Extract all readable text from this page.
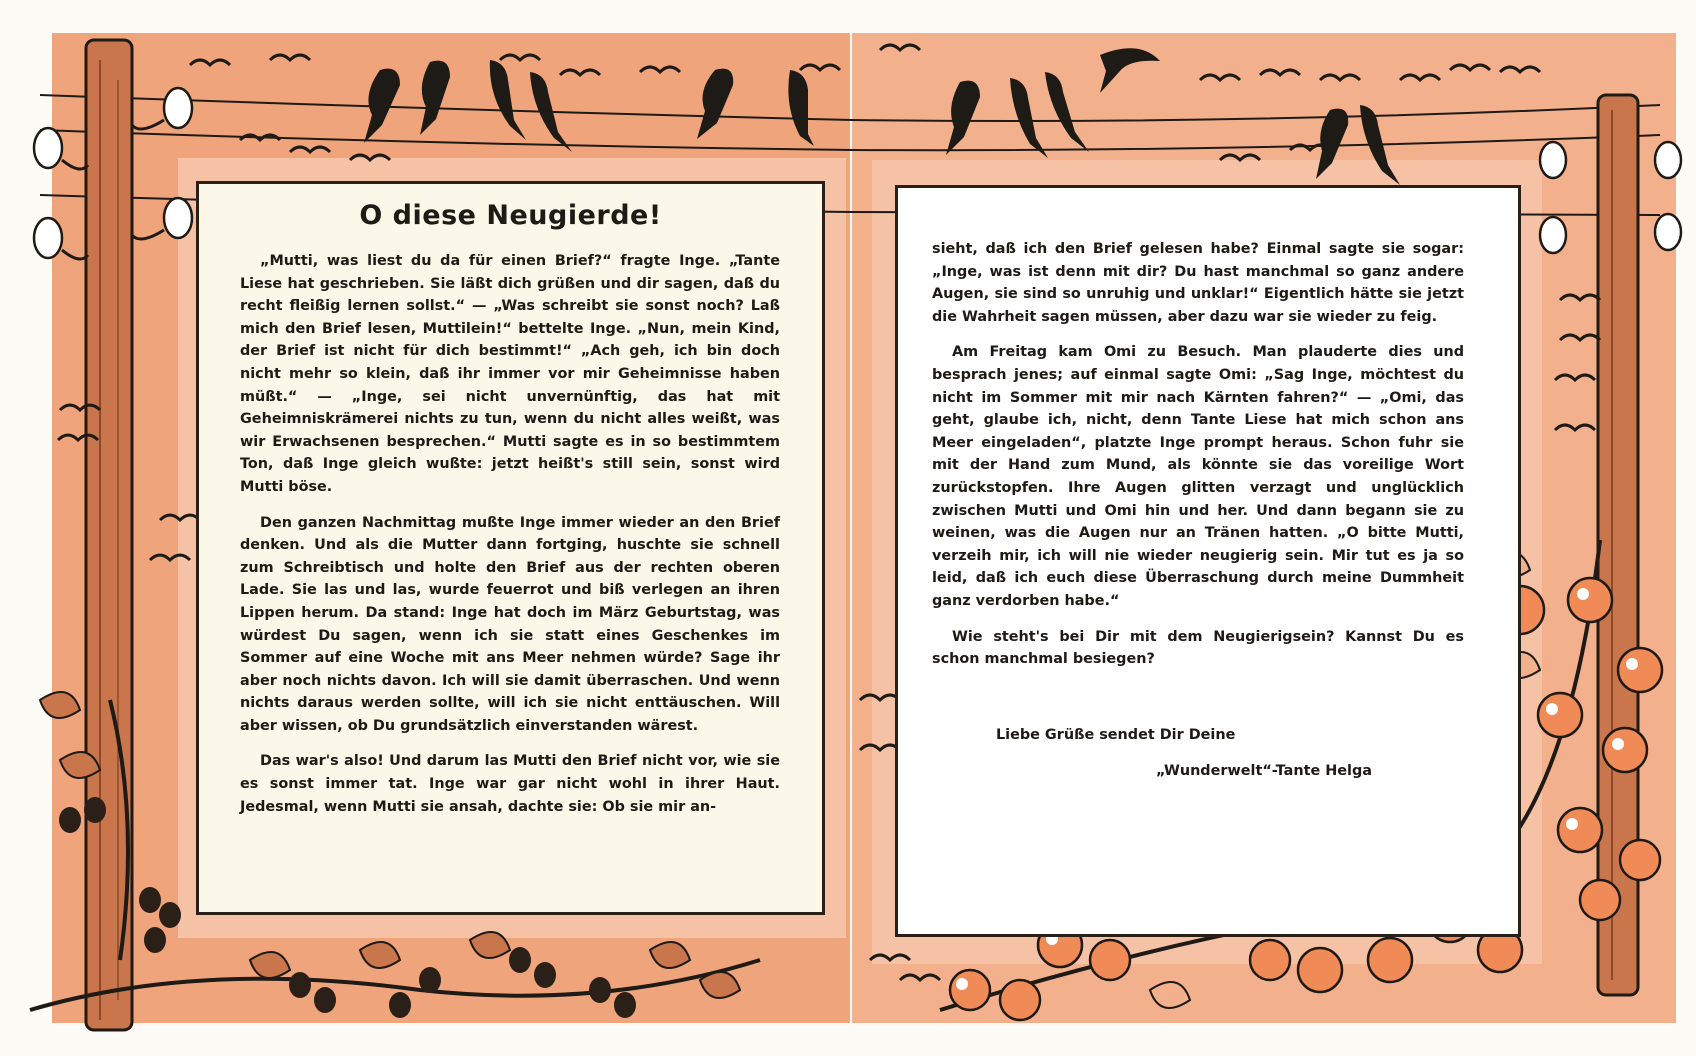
O diese Neugierde!

„Mutti, was liest du da für einen Brief?“ fragte Inge. „Tante Liese hat geschrieben. Sie läßt dich grüßen und dir sagen, daß du recht fleißig lernen sollst.“ — „Was schreibt sie sonst noch? Laß mich den Brief lesen, Muttilein!“ bettelte Inge. „Nun, mein Kind, der Brief ist nicht für dich bestimmt!“ „Ach geh, ich bin doch nicht mehr so klein, daß ihr immer vor mir Geheimnisse haben müßt.“ — „Inge, sei nicht unvernünftig, das hat mit Geheimniskrämerei nichts zu tun, wenn du nicht alles weißt, was wir Erwachsenen besprechen.“ Mutti sagte es in so bestimmtem Ton, daß Inge gleich wußte: jetzt heißt's still sein, sonst wird Mutti böse.

Den ganzen Nachmittag mußte Inge immer wieder an den Brief denken. Und als die Mutter dann fortging, huschte sie schnell zum Schreibtisch und holte den Brief aus der rechten oberen Lade. Sie las und las, wurde feuerrot und biß verlegen an ihren Lippen herum. Da stand: Inge hat doch im März Geburtstag, was würdest Du sagen, wenn ich sie statt eines Geschenkes im Sommer auf eine Woche mit ans Meer nehmen würde? Sage ihr aber noch nichts davon. Ich will sie damit überraschen. Und wenn nichts daraus werden sollte, will ich sie nicht enttäuschen. Will aber wissen, ob Du grundsätzlich einverstanden wärest.

Das war's also! Und darum las Mutti den Brief nicht vor, wie sie es sonst immer tat. Inge war gar nicht wohl in ihrer Haut. Jedesmal, wenn Mutti sie ansah, dachte sie: Ob sie mir an-

sieht, daß ich den Brief gelesen habe? Einmal sagte sie sogar: „Inge, was ist denn mit dir? Du hast manchmal so ganz andere Augen, sie sind so unruhig und unklar!“ Eigentlich hätte sie jetzt die Wahrheit sagen müssen, aber dazu war sie wieder zu feig.

Am Freitag kam Omi zu Besuch. Man plauderte dies und besprach jenes; auf einmal sagte Omi: „Sag Inge, möchtest du nicht im Sommer mit mir nach Kärnten fahren?“ — „Omi, das geht, glaube ich, nicht, denn Tante Liese hat mich schon ans Meer eingeladen“, platzte Inge prompt heraus. Schon fuhr sie mit der Hand zum Mund, als könnte sie das voreilige Wort zurückstopfen. Ihre Augen glitten verzagt und unglücklich zwischen Mutti und Omi hin und her. Und dann begann sie zu weinen, was die Augen nur an Tränen hatten. „O bitte Mutti, verzeih mir, ich will nie wieder neugierig sein. Mir tut es ja so leid, daß ich euch diese Überraschung durch meine Dummheit ganz verdorben habe.“

Wie steht's bei Dir mit dem Neugierigsein? Kannst Du es schon manchmal besiegen?

Liebe Grüße sendet Dir Deine
„Wunderwelt“-Tante Helga
